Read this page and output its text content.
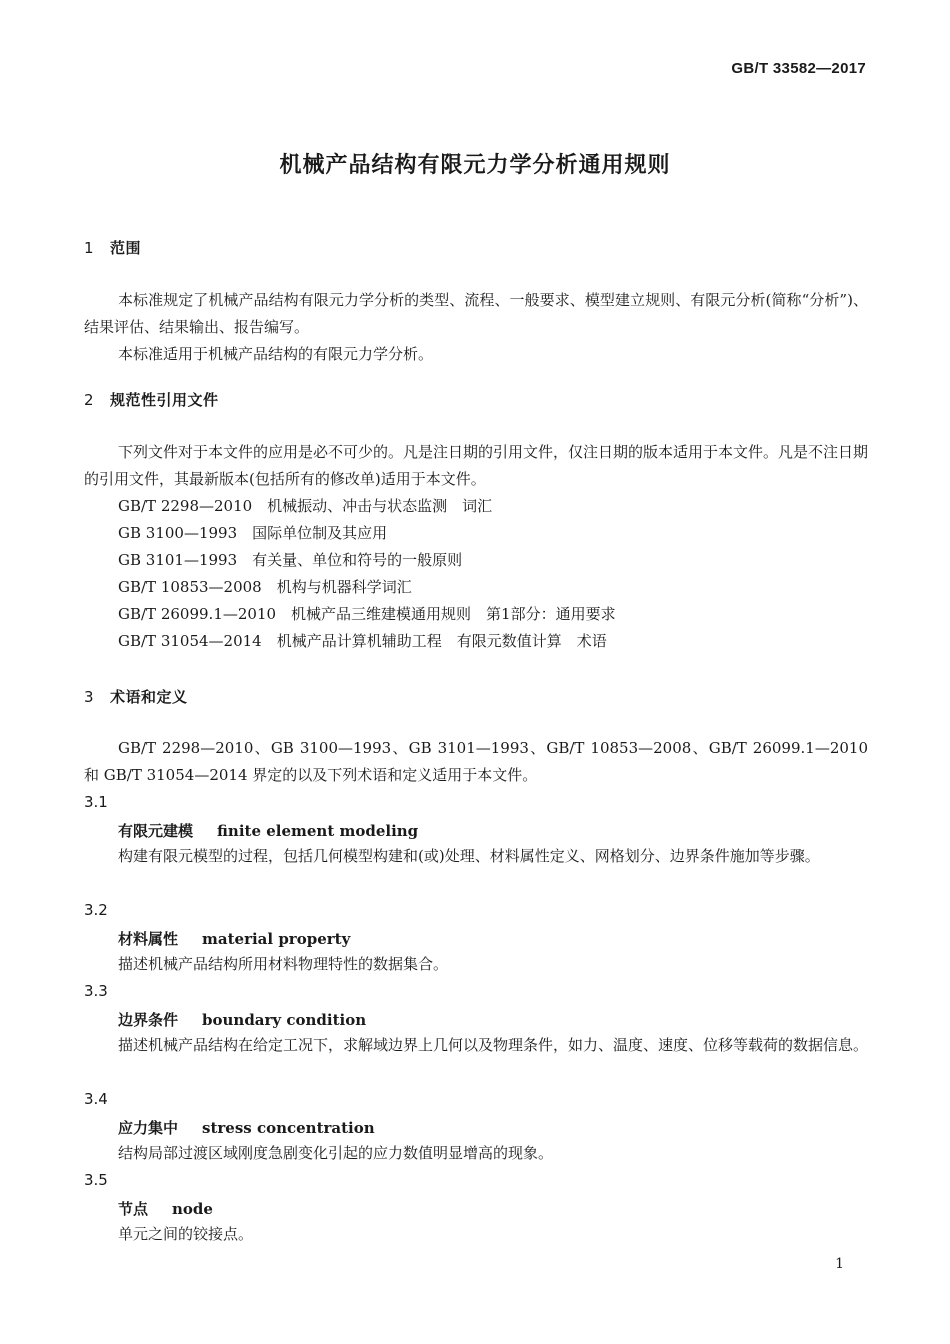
GB/T 33582—2017
机械产品结构有限元力学分析通用规则
1 范围
本标准规定了机械产品结构有限元力学分析的类型、流程、一般要求、模型建立规则、有限元分析(简称“分析”)、结果评估、结果输出、报告编写。
本标准适用于机械产品结构的有限元力学分析。
2 规范性引用文件
下列文件对于本文件的应用是必不可少的。凡是注日期的引用文件，仅注日期的版本适用于本文件。凡是不注日期的引用文件，其最新版本(包括所有的修改单)适用于本文件。
GB/T 2298—2010　机械振动、冲击与状态监测　词汇
GB 3100—1993　国际单位制及其应用
GB 3101—1993　有关量、单位和符号的一般原则
GB/T 10853—2008　机构与机器科学词汇
GB/T 26099.1—2010　机械产品三维建模通用规则　第1部分：通用要求
GB/T 31054—2014　机械产品计算机辅助工程　有限元数值计算　术语
3 术语和定义
GB/T 2298—2010、GB 3100—1993、GB 3101—1993、GB/T 10853—2008、GB/T 26099.1—2010 和 GB/T 31054—2014 界定的以及下列术语和定义适用于本文件。
3.1
有限元建模 finite element modeling
构建有限元模型的过程，包括几何模型构建和(或)处理、材料属性定义、网格划分、边界条件施加等步骤。
3.2
材料属性 material property
描述机械产品结构所用材料物理特性的数据集合。
3.3
边界条件 boundary condition
描述机械产品结构在给定工况下，求解域边界上几何以及物理条件，如力、温度、速度、位移等载荷的数据信息。
3.4
应力集中 stress concentration
结构局部过渡区域刚度急剧变化引起的应力数值明显增高的现象。
3.5
节点 node
单元之间的铰接点。
1
